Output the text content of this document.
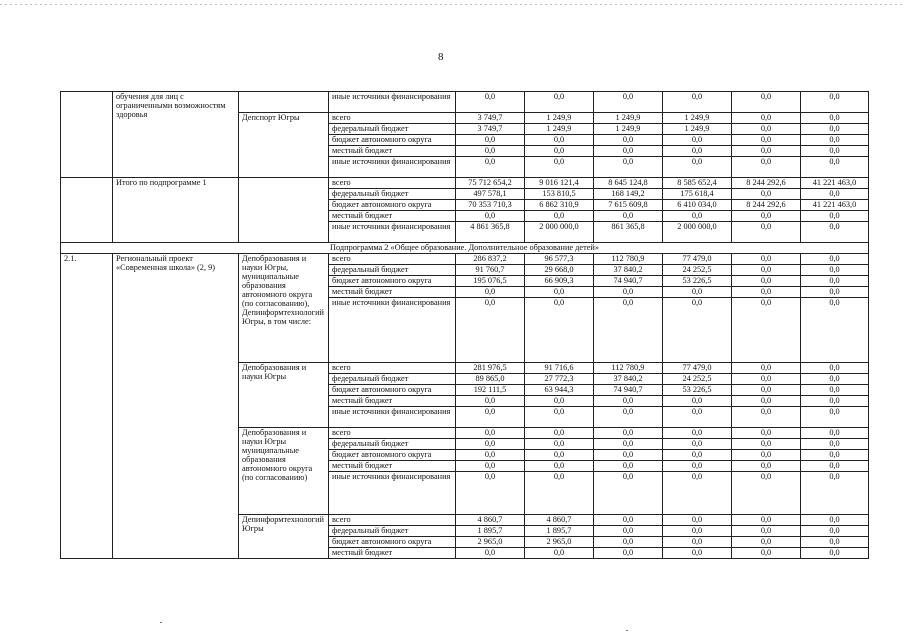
8
	обучения для лиц с ограниченными возможностям здоровья		иные источники финансирования	0,0	0,0	0,0	0,0	0,0	0,0
		Депспорт Югры	всего	3 749,7	1 249,9	1 249,9	1 249,9	0,0	0,0
			федеральный бюджет	3 749,7	1 249,9	1 249,9	1 249,9	0,0	0,0
			бюджет автономного округа	0,0	0,0	0,0	0,0	0,0	0,0
			местный бюджет	0,0	0,0	0,0	0,0	0,0	0,0
			иные источники финансирования	0,0	0,0	0,0	0,0	0,0	0,0
	Итого по подпрограмме 1		всего	75 712 654,2	9 016 121,4	8 645 124,8	8 585 652,4	8 244 292,6	41 221 463,0
			федеральный бюджет	497 578,1	153 810,5	168 149,2	175 618,4	0,0	0,0
			бюджет автономного округа	70 353 710,3	6 862 310,9	7 615 609,8	6 410 034,0	8 244 292,6	41 221 463,0
			местный бюджет	0,0	0,0	0,0	0,0	0,0	0,0
			иные источники финансирования	4 861 365,8	2 000 000,0	861 365,8	2 000 000,0	0,0	0,0
Подпрограмма 2 «Общее образование. Дополнительное образование детей»									
2.1.	Региональный проект «Современная школа» (2, 9)	Депобразования и науки Югры, муниципальные образования автономного округа (по согласованию), Депинформтехнологий Югры, в том числе:	всего	286 837,2	96 577,3	112 780,9	77 479,0	0,0	0,0
			федеральный бюджет	91 760,7	29 668,0	37 840,2	24 252,5	0,0	0,0
			бюджет автономного округа	195 076,5	66 909,3	74 940,7	53 226,5	0,0	0,0
			местный бюджет	0,0	0,0	0,0	0,0	0,0	0,0
			иные источники финансирования	0,0	0,0	0,0	0,0	0,0	0,0
		Депобразования и науки Югры	всего	281 976,5	91 716,6	112 780,9	77 479,0	0,0	0,0
			федеральный бюджет	89 865,0	27 772,3	37 840,2	24 252,5	0,0	0,0
			бюджет автономного округа	192 111,5	63 944,3	74 940,7	53 226,5	0,0	0,0
			местный бюджет	0,0	0,0	0,0	0,0	0,0	0,0
			иные источники финансирования	0,0	0,0	0,0	0,0	0,0	0,0
		Депобразования и науки Югры муниципальные образования автономного округа (по согласованию)	всего	0,0	0,0	0,0	0,0	0,0	0,0
			федеральный бюджет	0,0	0,0	0,0	0,0	0,0	0,0
			бюджет автономного округа	0,0	0,0	0,0	0,0	0,0	0,0
			местный бюджет	0,0	0,0	0,0	0,0	0,0	0,0
			иные источники финансирования	0,0	0,0	0,0	0,0	0,0	0,0
		Депинформтехнологий Югры	всего	4 860,7	4 860,7	0,0	0,0	0,0	0,0
			федеральный бюджет	1 895,7	1 895,7	0,0	0,0	0,0	0,0
			бюджет автономного округа	2 965,0	2 965,0	0,0	0,0	0,0	0,0
			местный бюджет	0,0	0,0	0,0	0,0	0,0	0,0
